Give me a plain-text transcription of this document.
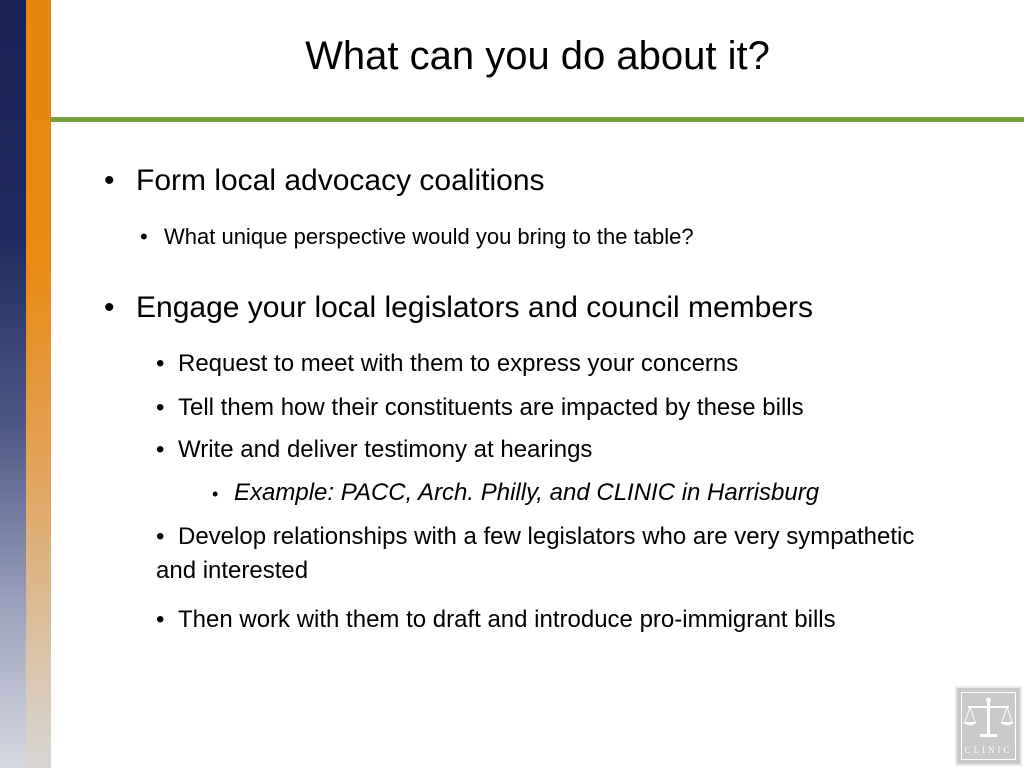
What can you do about it?
• Form local advocacy coalitions
• What unique perspective would you bring to the table?
• Engage your local legislators and council members
• Request to meet with them to express your concerns
• Tell them how their constituents are impacted by these bills
• Write and deliver testimony at hearings
• Example: PACC, Arch. Philly, and CLINIC in Harrisburg
• Develop relationships with a few legislators who are very sympathetic and interested
• Then work with them to draft and introduce pro-immigrant bills
CLINIC
